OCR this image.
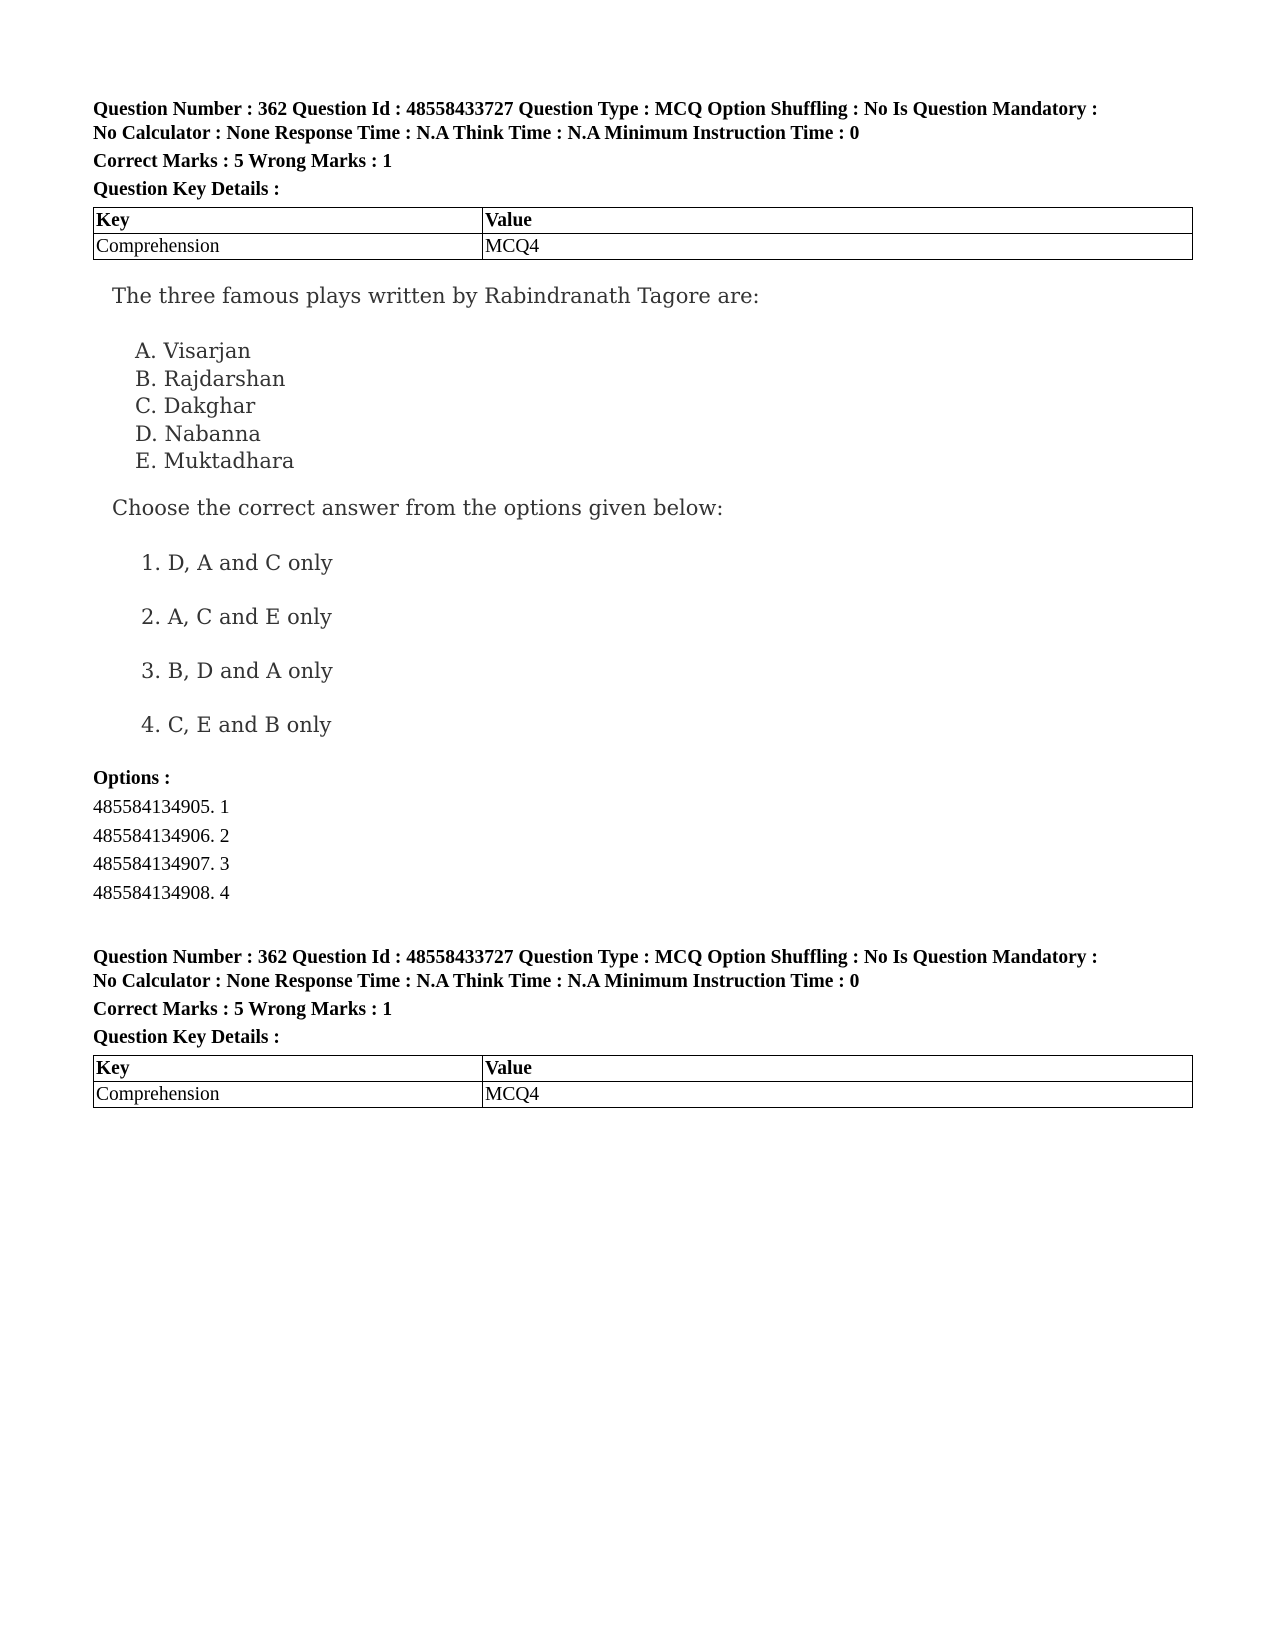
Question Number : 362 Question Id : 48558433727 Question Type : MCQ Option Shuffling : No Is Question Mandatory :
No Calculator : None Response Time : N.A Think Time : N.A Minimum Instruction Time : 0
Correct Marks : 5 Wrong Marks : 1
Question Key Details :
Key	Value
Comprehension	MCQ4
The three famous plays written by Rabindranath Tagore are:
A. Visarjan
B. Rajdarshan
C. Dakghar
D. Nabanna
E. Muktadhara
Choose the correct answer from the options given below:
1. D, A and C only
2. A, C and E only
3. B, D and A only
4. C, E and B only
Options :
485584134905. 1
485584134906. 2
485584134907. 3
485584134908. 4
Question Number : 362 Question Id : 48558433727 Question Type : MCQ Option Shuffling : No Is Question Mandatory :
No Calculator : None Response Time : N.A Think Time : N.A Minimum Instruction Time : 0
Correct Marks : 5 Wrong Marks : 1
Question Key Details :
Key	Value
Comprehension	MCQ4
